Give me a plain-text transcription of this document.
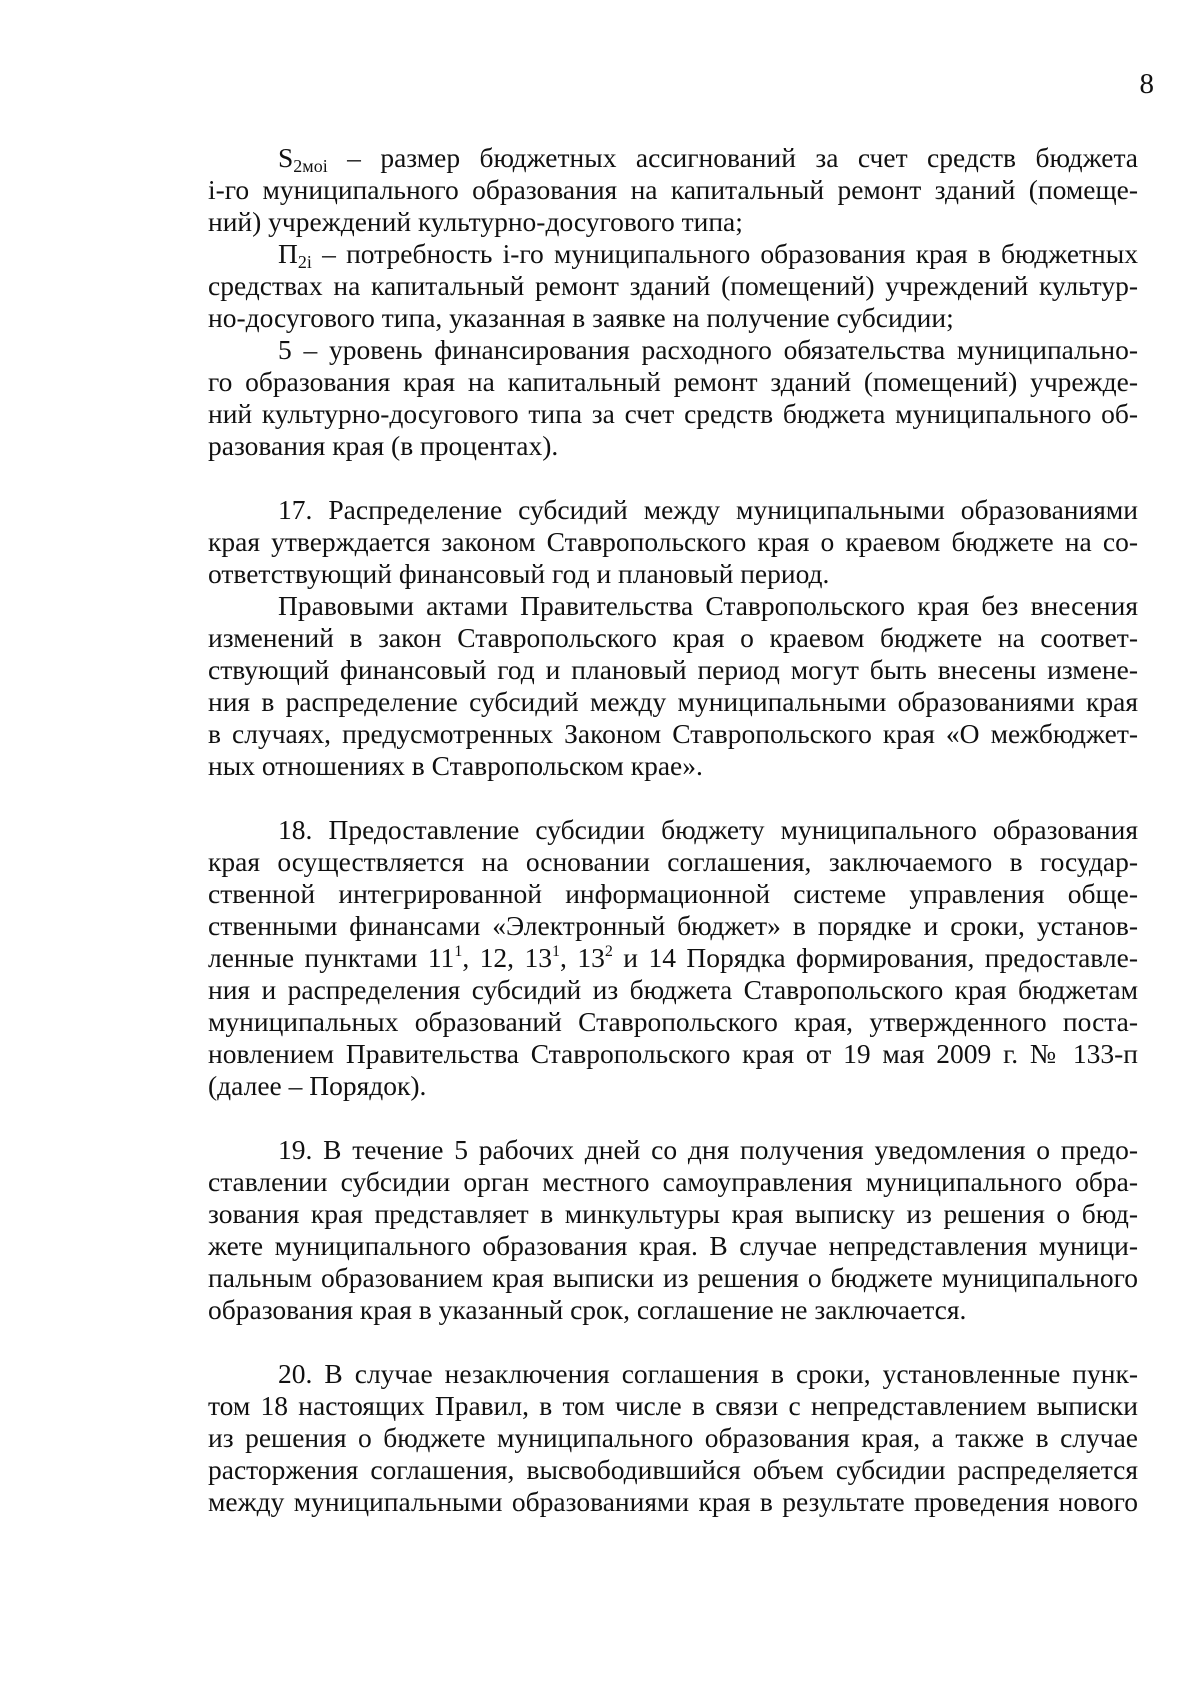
8
$S_{2мoi}$ – размер бюджетных ассигнований за счет средств бюджета
i-го муниципального образования на капитальный ремонт зданий (помеще-
ний) учреждений культурно-досугового типа;
$П_{2i}$ – потребность i-го муниципального образования края в бюджетных
средствах на капитальный ремонт зданий (помещений) учреждений культур-
но-досугового типа, указанная в заявке на получение субсидии;
5 – уровень финансирования расходного обязательства муниципально-
го образования края на капитальный ремонт зданий (помещений) учрежде-
ний культурно-досугового типа за счет средств бюджета муниципального об-
разования края (в процентах).
17. Распределение субсидий между муниципальными образованиями
края утверждается законом Ставропольского края о краевом бюджете на со-
ответствующий финансовый год и плановый период.
Правовыми актами Правительства Ставропольского края без внесения
изменений в закон Ставропольского края о краевом бюджете на соответ-
ствующий финансовый год и плановый период могут быть внесены измене-
ния в распределение субсидий между муниципальными образованиями края
в случаях, предусмотренных Законом Ставропольского края «О межбюджет-
ных отношениях в Ставропольском крае».
18. Предоставление субсидии бюджету муниципального образования
края осуществляется на основании соглашения, заключаемого в государ-
ственной интегрированной информационной системе управления обще-
ственными финансами «Электронный бюджет» в порядке и сроки, установ-
ленные пунктами $11^1$, 12, $13^1$, $13^2$ и 14 Порядка формирования, предоставле-
ния и распределения субсидий из бюджета Ставропольского края бюджетам
муниципальных образований Ставропольского края, утвержденного поста-
новлением Правительства Ставропольского края от 19 мая 2009 г. № 133-п
(далее – Порядок).
19. В течение 5 рабочих дней со дня получения уведомления о предо-
ставлении субсидии орган местного самоуправления муниципального обра-
зования края представляет в минкультуры края выписку из решения о бюд-
жете муниципального образования края. В случае непредставления муници-
пальным образованием края выписки из решения о бюджете муниципального
образования края в указанный срок, соглашение не заключается.
20. В случае незаключения соглашения в сроки, установленные пунк-
том 18 настоящих Правил, в том числе в связи с непредставлением выписки
из решения о бюджете муниципального образования края, а также в случае
расторжения соглашения, высвободившийся объем субсидии распределяется
между муниципальными образованиями края в результате проведения нового
